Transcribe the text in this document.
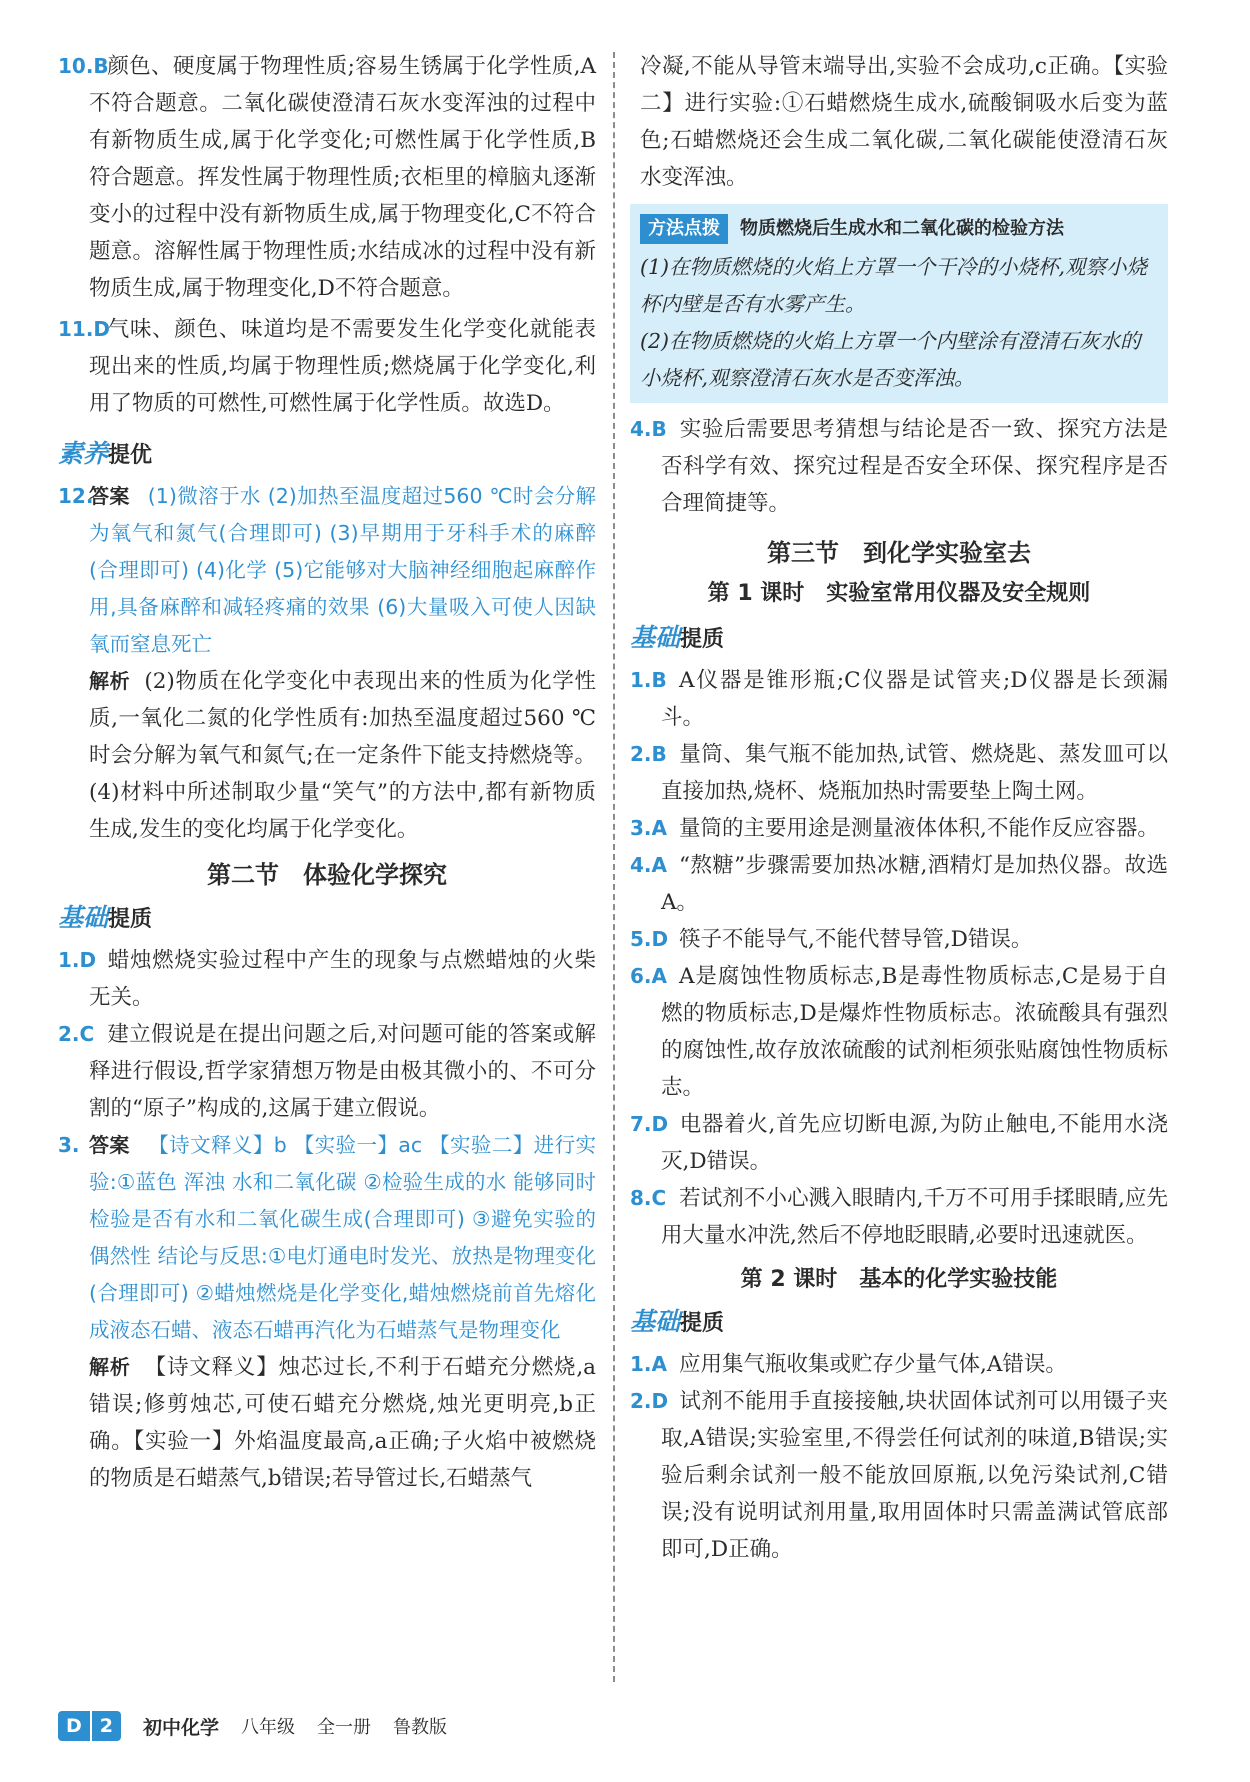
10.B
颜色、硬度属于物理性质;容易生锈属于化学性质,A不符合题意。二氧化碳使澄清石灰水变浑浊的过程中有新物质生成,属于化学变化;可燃性属于化学性质,B符合题意。挥发性属于物理性质;衣柜里的樟脑丸逐渐变小的过程中没有新物质生成,属于物理变化,C不符合题意。溶解性属于物理性质;水结成冰的过程中没有新物质生成,属于物理变化,D不符合题意。
11.D
气味、颜色、味道均是不需要发生化学变化就能表现出来的性质,均属于物理性质;燃烧属于化学变化,利用了物质的可燃性,可燃性属于化学性质。故选D。
素养提优
12.
答案 (1)微溶于水 (2)加热至温度超过560 ℃时会分解为氧气和氮气(合理即可) (3)早期用于牙科手术的麻醉(合理即可) (4)化学 (5)它能够对大脑神经细胞起麻醉作用,具备麻醉和减轻疼痛的效果 (6)大量吸入可使人因缺氧而窒息死亡
解析 (2)物质在化学变化中表现出来的性质为化学性质,一氧化二氮的化学性质有:加热至温度超过560 ℃时会分解为氧气和氮气;在一定条件下能支持燃烧等。(4)材料中所述制取少量“笑气”的方法中,都有新物质生成,发生的变化均属于化学变化。
第二节　体验化学探究
基础提质
1.D 蜡烛燃烧实验过程中产生的现象与点燃蜡烛的火柴无关。
2.C 建立假说是在提出问题之后,对问题可能的答案或解释进行假设,哲学家猜想万物是由极其微小的、不可分割的“原子”构成的,这属于建立假说。
3. 答案 【诗文释义】b 【实验一】ac 【实验二】进行实验:①蓝色 浑浊 水和二氧化碳 ②检验生成的水 能够同时检验是否有水和二氧化碳生成(合理即可) ③避免实验的偶然性 结论与反思:①电灯通电时发光、放热是物理变化(合理即可) ②蜡烛燃烧是化学变化,蜡烛燃烧前首先熔化成液态石蜡、液态石蜡再汽化为石蜡蒸气是物理变化
解析 【诗文释义】烛芯过长,不利于石蜡充分燃烧,a错误;修剪烛芯,可使石蜡充分燃烧,烛光更明亮,b正确。【实验一】外焰温度最高,a正确;子火焰中被燃烧的物质是石蜡蒸气,b错误;若导管过长,石蜡蒸气
冷凝,不能从导管末端导出,实验不会成功,c正确。【实验二】进行实验:①石蜡燃烧生成水,硫酸铜吸水后变为蓝色;石蜡燃烧还会生成二氧化碳,二氧化碳能使澄清石灰水变浑浊。
方法点拨	物质燃烧后生成水和二氧化碳的检验方法
(1)在物质燃烧的火焰上方罩一个干冷的小烧杯,观察小烧杯内壁是否有水雾产生。
(2)在物质燃烧的火焰上方罩一个内壁涂有澄清石灰水的小烧杯,观察澄清石灰水是否变浑浊。
4.B 实验后需要思考猜想与结论是否一致、探究方法是否科学有效、探究过程是否安全环保、探究程序是否合理简捷等。
第三节　到化学实验室去
第 1 课时　实验室常用仪器及安全规则
基础提质
1.B A仪器是锥形瓶;C仪器是试管夹;D仪器是长颈漏斗。
2.B 量筒、集气瓶不能加热,试管、燃烧匙、蒸发皿可以直接加热,烧杯、烧瓶加热时需要垫上陶土网。
3.A 量筒的主要用途是测量液体体积,不能作反应容器。
4.A “熬糖”步骤需要加热冰糖,酒精灯是加热仪器。故选A。
5.D 筷子不能导气,不能代替导管,D错误。
6.A A是腐蚀性物质标志,B是毒性物质标志,C是易于自燃的物质标志,D是爆炸性物质标志。浓硫酸具有强烈的腐蚀性,故存放浓硫酸的试剂柜须张贴腐蚀性物质标志。
7.D 电器着火,首先应切断电源,为防止触电,不能用水浇灭,D错误。
8.C 若试剂不小心溅入眼睛内,千万不可用手揉眼睛,应先用大量水冲洗,然后不停地眨眼睛,必要时迅速就医。
第 2 课时　基本的化学实验技能
基础提质
1.A 应用集气瓶收集或贮存少量气体,A错误。
2.D 试剂不能用手直接接触,块状固体试剂可以用镊子夹取,A错误;实验室里,不得尝任何试剂的味道,B错误;实验后剩余试剂一般不能放回原瓶,以免污染试剂,C错误;没有说明试剂用量,取用固体时只需盖满试管底部即可,D正确。
D 2	初中化学 八年级 全一册 鲁教版
